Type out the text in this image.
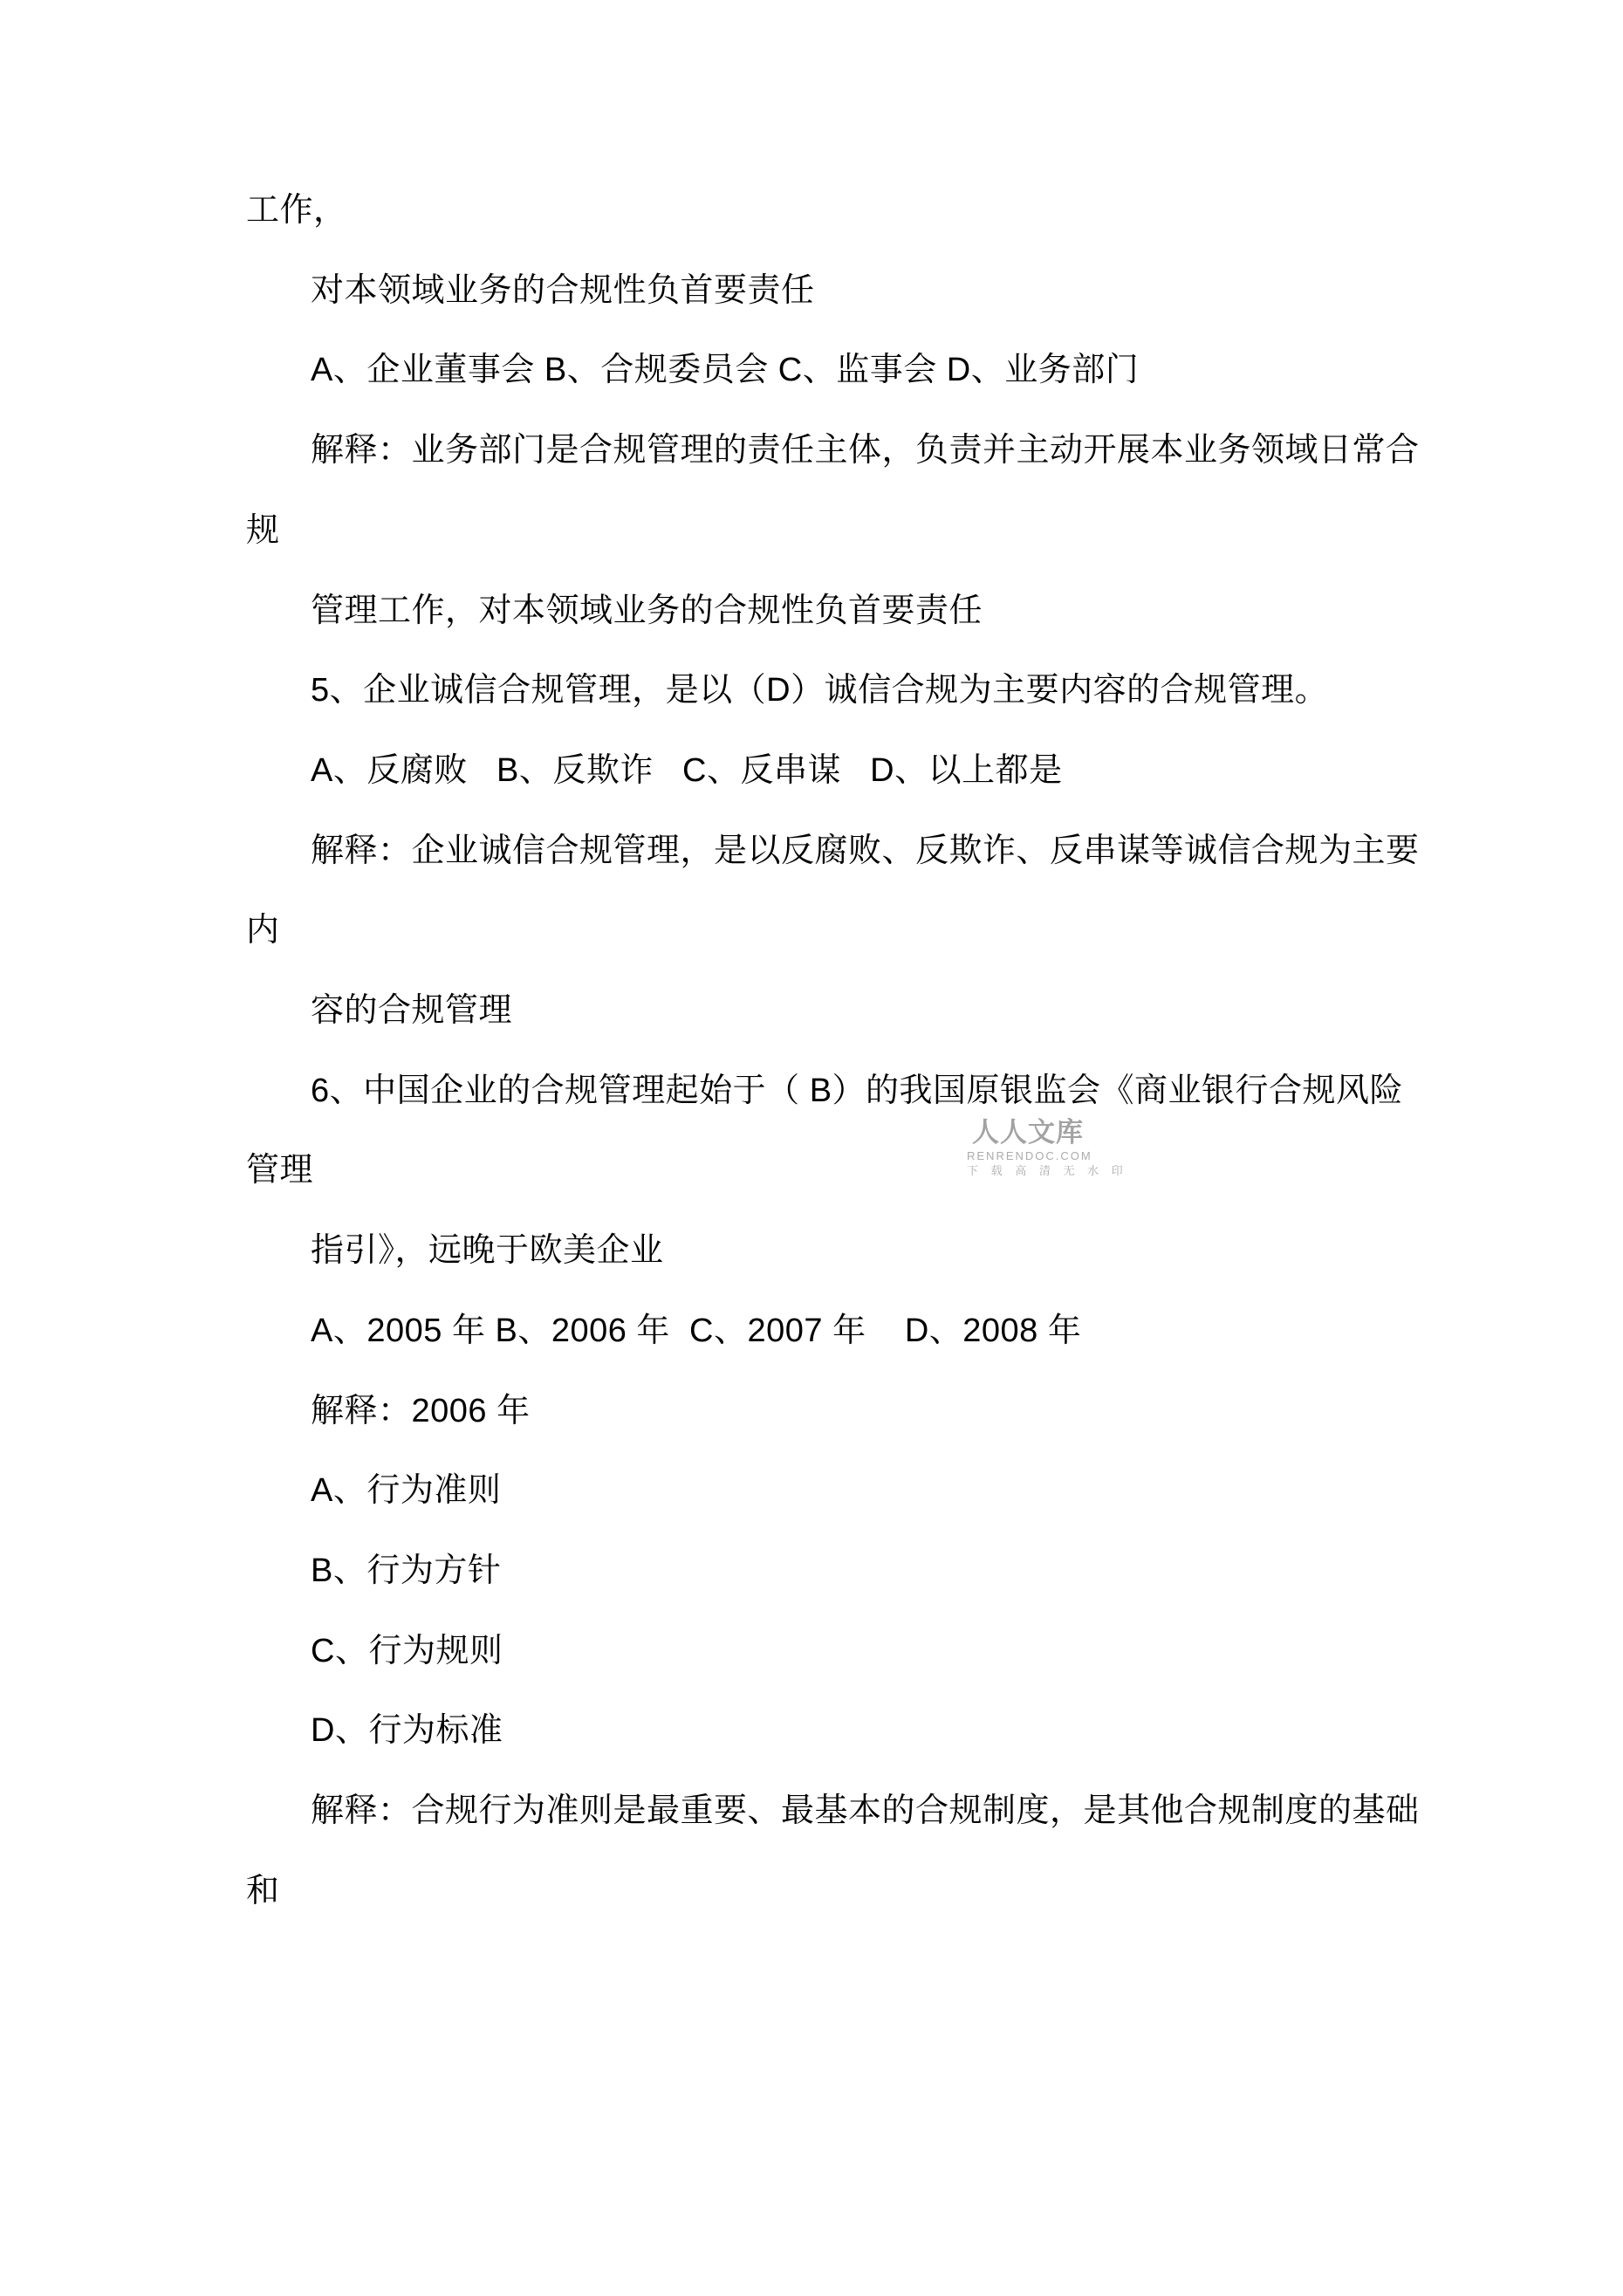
工作，
对本领域业务的合规性负首要责任
A、企业董事会 B、合规委员会 C、监事会 D、业务部门
解释：业务部门是合规管理的责任主体，负责并主动开展本业务领域日常合
规
管理工作，对本领域业务的合规性负首要责任
5、企业诚信合规管理，是以（D）诚信合规为主要内容的合规管理。
A、反腐败   B、反欺诈   C、反串谋   D、以上都是
解释：企业诚信合规管理，是以反腐败、反欺诈、反串谋等诚信合规为主要
内
容的合规管理
6、中国企业的合规管理起始于（ B）的我国原银监会《商业银行合规风险
管理
指引》，远晚于欧美企业
A、2005 年 B、2006 年  C、2007 年    D、2008 年
解释：2006 年
A、行为准则
B、行为方针
C、行为规则
D、行为标准
解释：合规行为准则是最重要、最基本的合规制度，是其他合规制度的基础
和
人人文库
RENRENDOC.COM
下 载 高 清 无 水 印
